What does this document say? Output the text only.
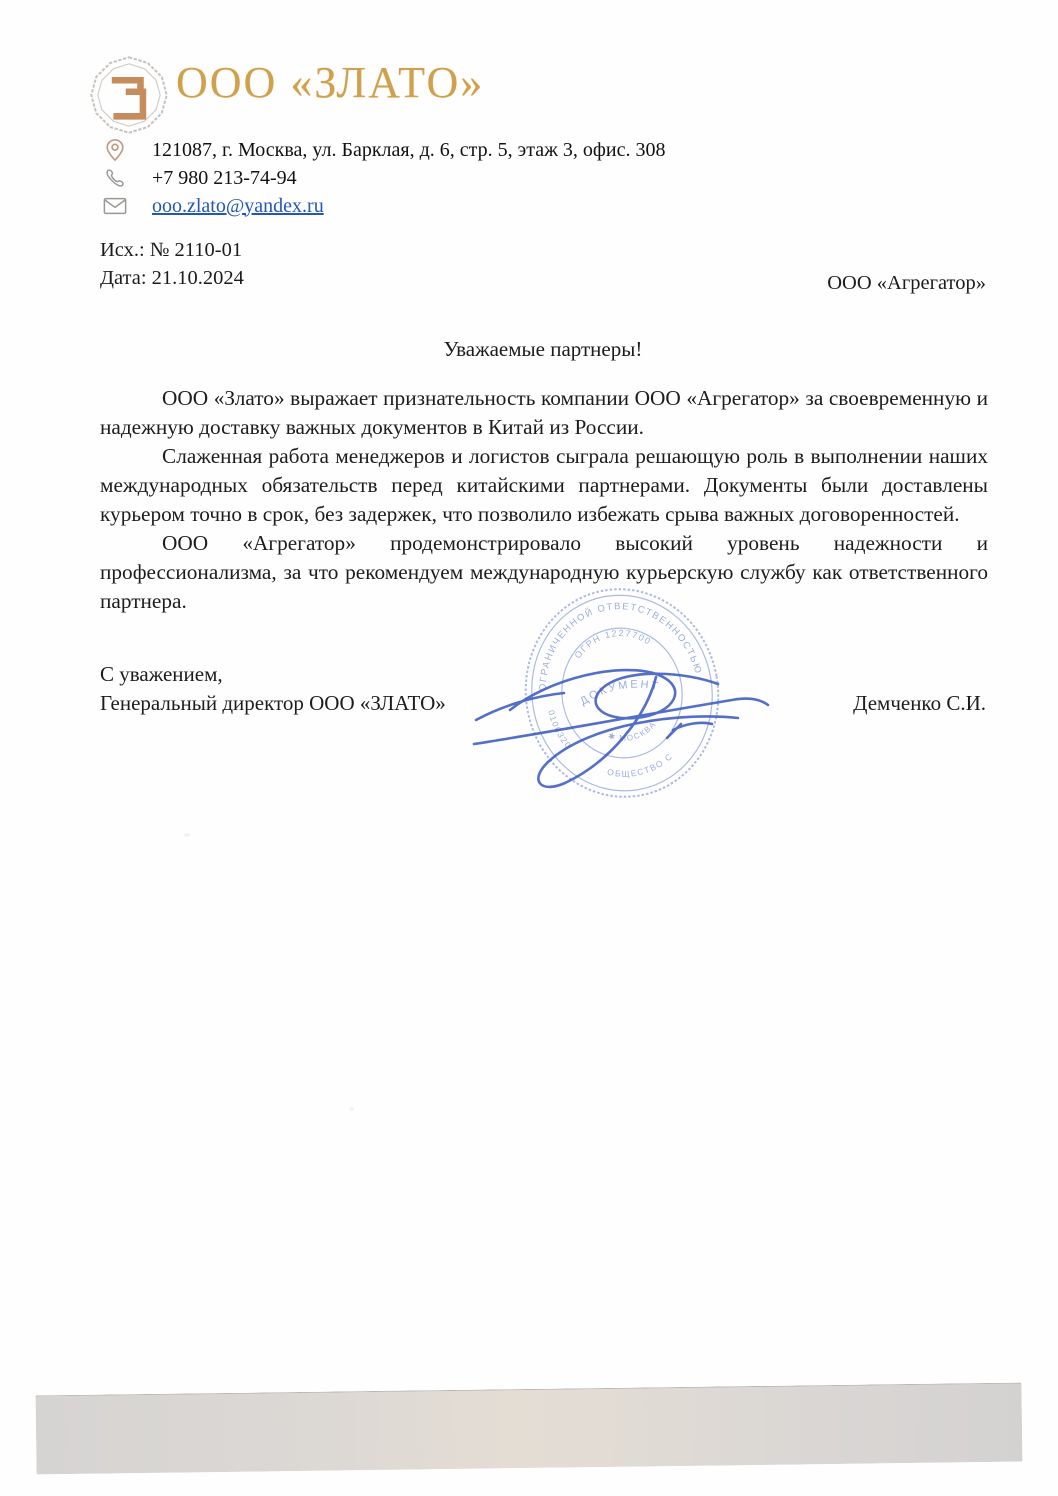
ООО «ЗЛАТО»
121087, г. Москва, ул. Барклая, д. 6, стр. 5, этаж 3, офис. 308
+7 980 213-74-94
ooo.zlato@yandex.ru
Исх.: № 2110-01
Дата: 21.10.2024	ООО «Агрегатор»
Уважаемые партнеры!

ООО «Злато» выражает признательность компании ООО «Агрегатор» за своевременную и надежную доставку важных документов в Китай из России.

Слаженная работа менеджеров и логистов сыграла решающую роль в выполнении наших международных обязательств перед китайскими партнерами. Документы были доставлены курьером точно в срок, без задержек, что позволило избежать срыва важных договоренностей.

ООО «Агрегатор» продемонстрировало высокий уровень надежности и профессионализма, за что рекомендуем международную курьерскую службу как ответственного партнера.

С уважением,
Генеральный директор ООО «ЗЛАТО»	Демченко С.И.
ОГРАНИЧЕННОЙ ОТВЕТСТВЕННОСТЬЮ
0106320
ОБЩЕСТВО С
ОГРН 1227700
✱ МОСКВА
ДОКУМЕНТ
